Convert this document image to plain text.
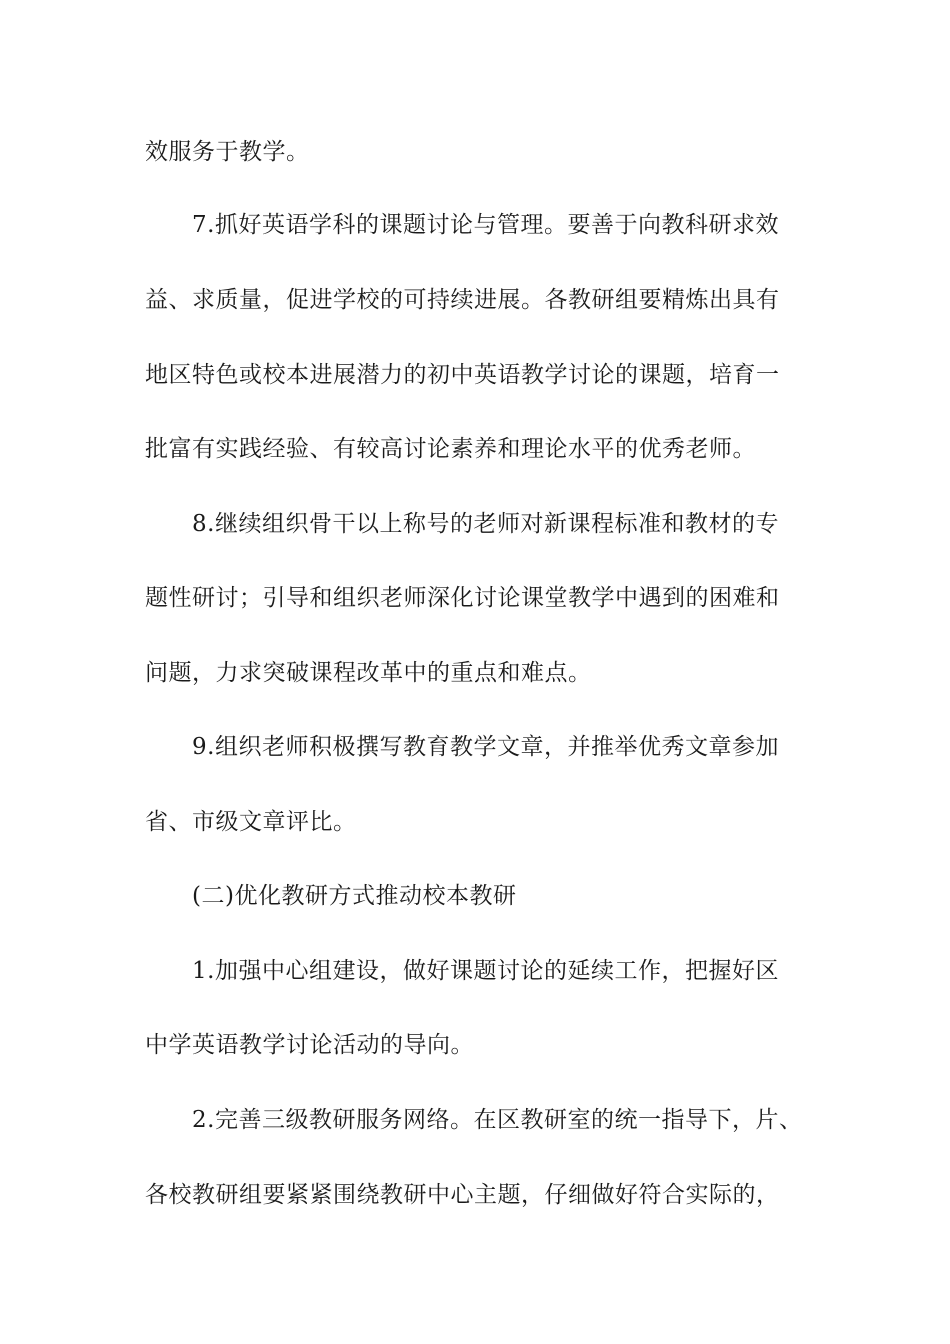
效服务于教学。
7.抓好英语学科的课题讨论与管理。要善于向教科研求效
益、求质量，促进学校的可持续进展。各教研组要精炼出具有
地区特色或校本进展潜力的初中英语教学讨论的课题，培育一
批富有实践经验、有较高讨论素养和理论水平的优秀老师。
8.继续组织骨干以上称号的老师对新课程标准和教材的专
题性研讨；引导和组织老师深化讨论课堂教学中遇到的困难和
问题，力求突破课程改革中的重点和难点。
9.组织老师积极撰写教育教学文章，并推举优秀文章参加
省、市级文章评比。
(二)优化教研方式推动校本教研
1.加强中心组建设，做好课题讨论的延续工作，把握好区
中学英语教学讨论活动的导向。
2.完善三级教研服务网络。在区教研室的统一指导下，片、
各校教研组要紧紧围绕教研中心主题，仔细做好符合实际的，
